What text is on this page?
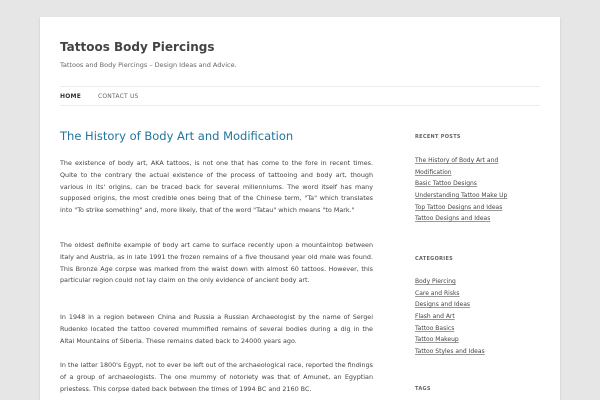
Tattoos Body Piercings

Tattoos and Body Piercings – Design Ideas and Advice.

HOME	CONTACT US
The History of Body Art and Modification

The existence of body art, AKA tattoos, is not one that has come to the fore in recent times. Quite to the contrary the actual existence of the process of tattooing and body art, though various in its' origins, can be traced back for several millenniums. The word itself has many supposed origins, the most credible ones being that of the Chinese term, "Ta" which translates into "To strike something" and, more likely, that of the word "Tatau" which means "to Mark."

The oldest definite example of body art came to surface recently upon a mountaintop between Italy and Austria, as in late 1991 the frozen remains of a five thousand year old male was found. This Bronze Age corpse was marked from the waist down with almost 60 tattoos. However, this particular region could not lay claim on the only evidence of ancient body art.

In 1948 in a region between China and Russia a Russian Archaeologist by the name of Sergei Rudenko located the tattoo covered mummified remains of several bodies during a dig in the Altai Mountains of Siberia. These remains dated back to 24000 years ago.

In the latter 1800's Egypt, not to ever be left out of the archaeological race, reported the findings of a group of archaeologists. The one mummy of notoriety was that of Amunet, an Egyptian priestess. This corpse dated back between the times of 1994 BC and 2160 BC.

RECENT POSTS
The History of Body Art and
Modification
Basic Tattoo Designs
Understanding Tattoo Make Up
Top Tattoo Designs and Ideas
Tattoo Designs and Ideas
CATEGORIES
Body Piercing
Care and Risks
Designs and Ideas
Flash and Art
Tattoo Basics
Tattoo Makeup
Tattoo Styles and Ideas
TAGS
